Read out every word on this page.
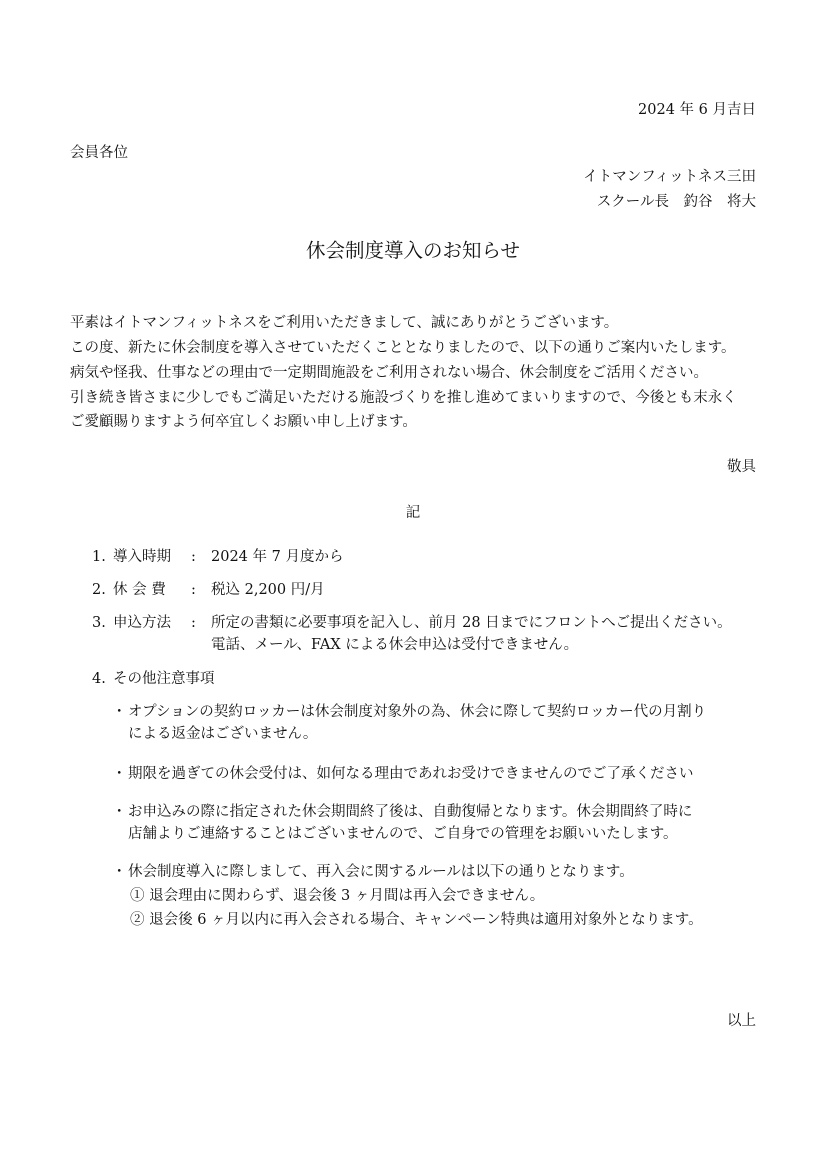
2024 年 6 月吉日
会員各位
イトマンフィットネス三田
スクール長　釣谷　将大
休会制度導入のお知らせ
平素はイトマンフィットネスをご利用いただきまして、誠にありがとうございます。
この度、新たに休会制度を導入させていただくこととなりましたので、以下の通りご案内いたします。
病気や怪我、仕事などの理由で一定期間施設をご利用されない場合、休会制度をご活用ください。
引き続き皆さまに少しでもご満足いただける施設づくりを推し進めてまいりますので、今後とも末永く
ご愛顧賜りますよう何卒宜しくお願い申し上げます。
敬具
記
1. 導入時期 : 2024 年 7 月度から
2. 休 会 費 : 税込 2,200 円/月
3. 申込方法 : 所定の書類に必要事項を記入し、前月 28 日までにフロントへご提出ください。
電話、メール、FAX による休会申込は受付できません。
4. その他注意事項
・ オプションの契約ロッカーは休会制度対象外の為、休会に際して契約ロッカー代の月割り
による返金はございません。
・ 期限を過ぎての休会受付は、如何なる理由であれお受けできませんのでご了承ください
・ お申込みの際に指定された休会期間終了後は、自動復帰となります。休会期間終了時に
店舗よりご連絡することはございませんので、ご自身での管理をお願いいたします。
・ 休会制度導入に際しまして、再入会に関するルールは以下の通りとなります。
① 退会理由に関わらず、退会後 3 ヶ月間は再入会できません。
② 退会後 6 ヶ月以内に再入会される場合、キャンペーン特典は適用対象外となります。
以上
